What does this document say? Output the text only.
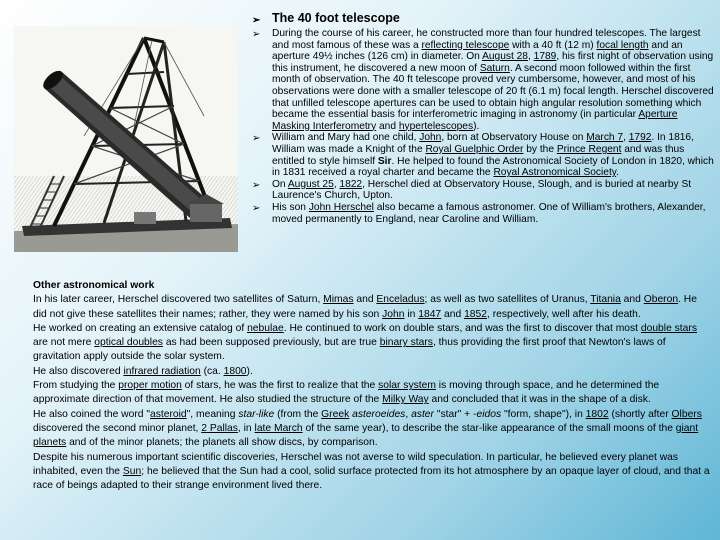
➢ The 40 foot telescope
➢ During the course of his career, he constructed more than four hundred telescopes. The largest and most famous of these was a reflecting telescope with a 40 ft (12 m) focal length and an aperture 49½ inches (126 cm) in diameter. On August 28, 1789, his first night of observation using this instrument, he discovered a new moon of Saturn. A second moon followed within the first month of observation. The 40 ft telescope proved very cumbersome, however, and most of his observations were done with a smaller telescope of 20 ft (6.1 m) focal length. Herschel discovered that unfilled telescope apertures can be used to obtain high angular resolution something which became the essential basis for interferometric imaging in astronomy (in particular Aperture Masking Interferometry and hypertelescopes).
➢ William and Mary had one child, John, born at Observatory House on March 7, 1792. In 1816, William was made a Knight of the Royal Guelphic Order by the Prince Regent and was thus entitled to style himself Sir. He helped to found the Astronomical Society of London in 1820, which in 1831 received a royal charter and became the Royal Astronomical Society.
➢ On August 25, 1822, Herschel died at Observatory House, Slough, and is buried at nearby St Laurence's Church, Upton.
➢ His son John Herschel also became a famous astronomer. One of William's brothers, Alexander, moved permanently to England, near Caroline and William.

Other astronomical work

In his later career, Herschel discovered two satellites of Saturn, Mimas and Enceladus; as well as two satellites of Uranus, Titania and Oberon. He did not give these satellites their names; rather, they were named by his son John in 1847 and 1852, respectively, well after his death.

He worked on creating an extensive catalog of nebulae. He continued to work on double stars, and was the first to discover that most double stars are not mere optical doubles as had been supposed previously, but are true binary stars, thus providing the first proof that Newton's laws of gravitation apply outside the solar system.

He also discovered infrared radiation (ca. 1800).

From studying the proper motion of stars, he was the first to realize that the solar system is moving through space, and he determined the approximate direction of that movement. He also studied the structure of the Milky Way and concluded that it was in the shape of a disk.

He also coined the word "asteroid", meaning star-like (from the Greek asteroeides, aster "star" + -eidos "form, shape"), in 1802 (shortly after Olbers discovered the second minor planet, 2 Pallas, in late March of the same year), to describe the star-like appearance of the small moons of the giant planets and of the minor planets; the planets all show discs, by comparison.

Despite his numerous important scientific discoveries, Herschel was not averse to wild speculation. In particular, he believed every planet was inhabited, even the Sun; he believed that the Sun had a cool, solid surface protected from its hot atmosphere by an opaque layer of cloud, and that a race of beings adapted to their strange environment lived there.
